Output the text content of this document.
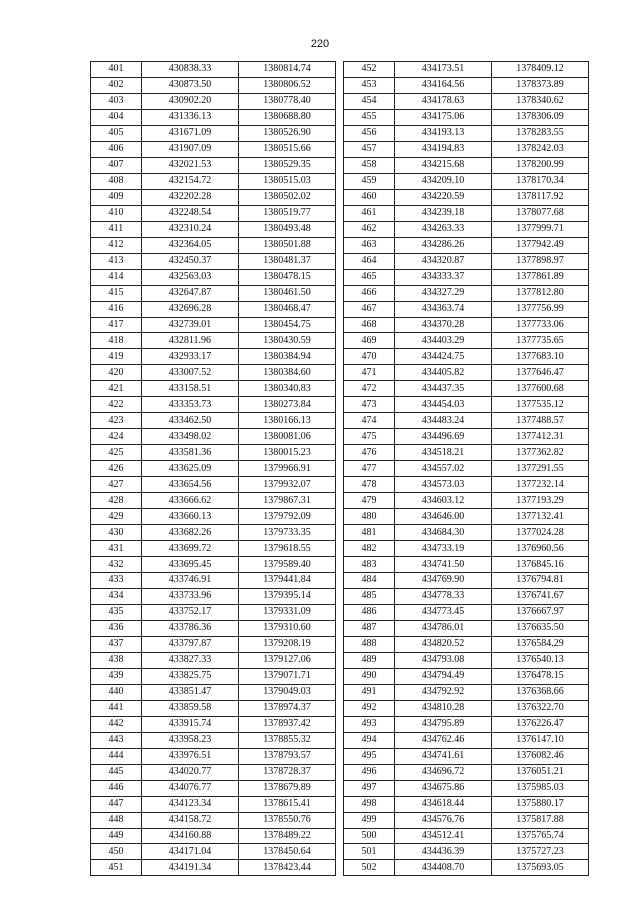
220
401	430838.33	1380814.74
402	430873.50	1380806.52
403	430902.20	1380778.40
404	431336.13	1380688.80
405	431671.09	1380526.90
406	431907.09	1380515.66
407	432021.53	1380529.35
408	432154.72	1380515.03
409	432202.28	1380502.02
410	432248.54	1380519.77
411	432310.24	1380493.48
412	432364.05	1380501.88
413	432450.37	1380481.37
414	432563.03	1380478.15
415	432647.87	1380461.50
416	432696.28	1380468.47
417	432739.01	1380454.75
418	432811.96	1380430.59
419	432933.17	1380384.94
420	433007.52	1380384.60
421	433158.51	1380340.83
422	433353.73	1380273.84
423	433462.50	1380166.13
424	433498.02	1380081.06
425	433581.36	1380015.23
426	433625.09	1379966.91
427	433654.56	1379932.07
428	433666.62	1379867.31
429	433660.13	1379792.09
430	433682.26	1379733.35
431	433699.72	1379618.55
432	433695.45	1379589.40
433	433746.91	1379441.84
434	433733.96	1379395.14
435	433752.17	1379331.09
436	433786.36	1379310.60
437	433797.87	1379208.19
438	433827.33	1379127.06
439	433825.75	1379071.71
440	433851.47	1379049.03
441	433859.58	1378974.37
442	433915.74	1378937.42
443	433958.23	1378855.32
444	433976.51	1378793.57
445	434020.77	1378728.37
446	434076.77	1378679.89
447	434123.34	1378615.41
448	434158.72	1378550.76
449	434160.88	1378489.22
450	434171.04	1378450.64
451	434191.34	1378423.44
452	434173.51	1378409.12
453	434164.56	1378373.89
454	434178.63	1378340.62
455	434175.06	1378306.09
456	434193.13	1378283.55
457	434194.83	1378242.03
458	434215.68	1378200.99
459	434209.10	1378170.34
460	434220.59	1378117.92
461	434239.18	1378077.68
462	434263.33	1377999.71
463	434286.26	1377942.49
464	434320.87	1377898.97
465	434333.37	1377861.89
466	434327.29	1377812.80
467	434363.74	1377756.99
468	434370.28	1377733.06
469	434403.29	1377735.65
470	434424.75	1377683.10
471	434405.82	1377646.47
472	434437.35	1377600.68
473	434454.03	1377535.12
474	434483.24	1377488.57
475	434496.69	1377412.31
476	434518.21	1377362.82
477	434557.02	1377291.55
478	434573.03	1377232.14
479	434603.12	1377193.29
480	434646.00	1377132.41
481	434684.30	1377024.28
482	434733.19	1376960.56
483	434741.50	1376845.16
484	434769.90	1376794.81
485	434778.33	1376741.67
486	434773.45	1376667.97
487	434786.01	1376635.50
488	434820.52	1376584.29
489	434793.08	1376540.13
490	434794.49	1376478.15
491	434792.92	1376368.66
492	434810.28	1376322.70
493	434795.89	1376226.47
494	434762.46	1376147.10
495	434741.61	1376082.46
496	434696.72	1376051.21
497	434675.86	1375985.03
498	434618.44	1375880.17
499	434576.76	1375817.88
500	434512.41	1375765.74
501	434436.39	1375727.23
502	434408.70	1375693.05
